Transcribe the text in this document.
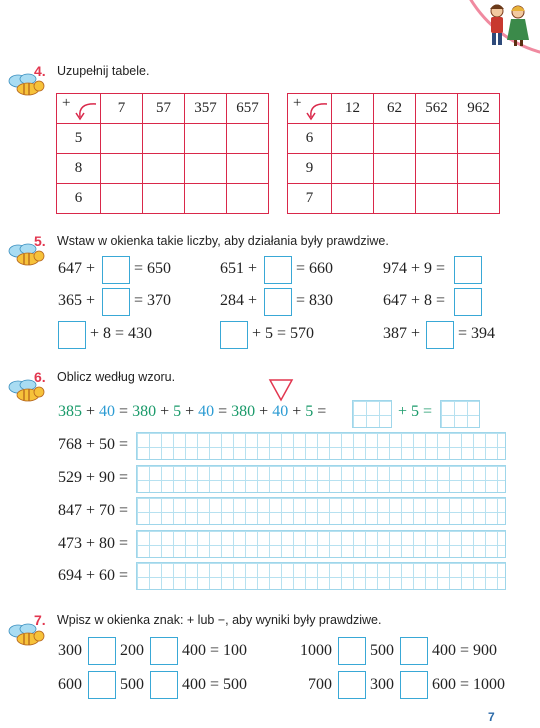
7
4. Uzupełnij tabele.
+	7	57	357	657
5				
8				
6				
+	12	62	562	962
6				
9				
7				
5. Wstaw w okienka takie liczby, aby działania były prawdziwe.
647 + = 650	651 + = 660	974 + 9 =
365 + = 370	284 + = 830	647 + 8 =
+ 8 = 430	+ 5 = 570	387 + = 394
6. Oblicz według wzoru.
385 + 40 = 380 + 5 + 40 = 380 + 40 + 5 =	+ 5 =
768 + 50 =
529 + 90 =
847 + 70 =
473 + 80 =
694 + 60 =
7. Wpisz w okienka znak: + lub −, aby wyniki były prawdziwe.
300 200 400 = 100	1000 500 400 = 900
600 500 400 = 500	700 300 600 = 1000
